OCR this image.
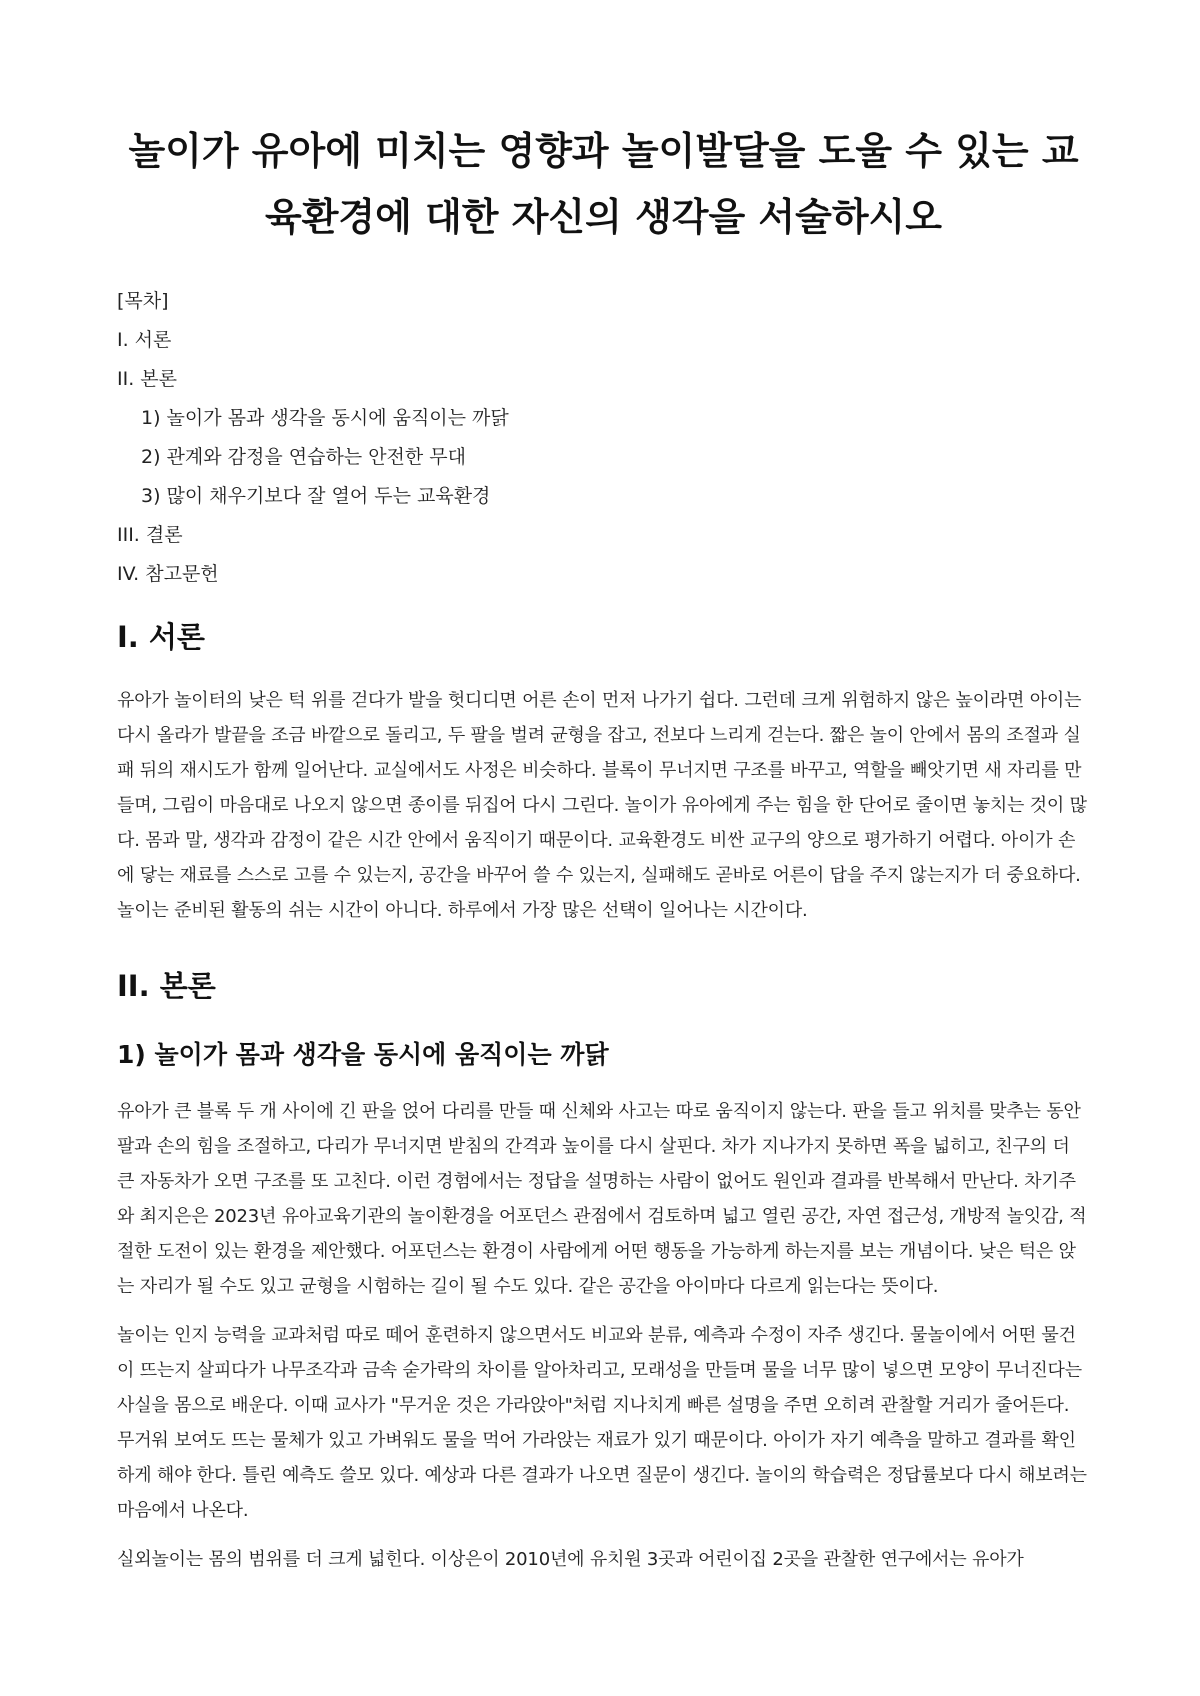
놀이가 유아에 미치는 영향과 놀이발달을 도울 수 있는 교육환경에 대한 자신의 생각을 서술하시오
[목차]
I. 서론
II. 본론
1) 놀이가 몸과 생각을 동시에 움직이는 까닭
2) 관계와 감정을 연습하는 안전한 무대
3) 많이 채우기보다 잘 열어 두는 교육환경
III. 결론
IV. 참고문헌
I. 서론

유아가 놀이터의 낮은 턱 위를 걷다가 발을 헛디디면 어른 손이 먼저 나가기 쉽다. 그런데 크게 위험하지 않은 높이라면 아이는 다시 올라가 발끝을 조금 바깥으로 돌리고, 두 팔을 벌려 균형을 잡고, 전보다 느리게 걷는다. 짧은 놀이 안에서 몸의 조절과 실패 뒤의 재시도가 함께 일어난다. 교실에서도 사정은 비슷하다. 블록이 무너지면 구조를 바꾸고, 역할을 빼앗기면 새 자리를 만들며, 그림이 마음대로 나오지 않으면 종이를 뒤집어 다시 그린다. 놀이가 유아에게 주는 힘을 한 단어로 줄이면 놓치는 것이 많다. 몸과 말, 생각과 감정이 같은 시간 안에서 움직이기 때문이다. 교육환경도 비싼 교구의 양으로 평가하기 어렵다. 아이가 손에 닿는 재료를 스스로 고를 수 있는지, 공간을 바꾸어 쓸 수 있는지, 실패해도 곧바로 어른이 답을 주지 않는지가 더 중요하다. 놀이는 준비된 활동의 쉬는 시간이 아니다. 하루에서 가장 많은 선택이 일어나는 시간이다.

II. 본론
1) 놀이가 몸과 생각을 동시에 움직이는 까닭

유아가 큰 블록 두 개 사이에 긴 판을 얹어 다리를 만들 때 신체와 사고는 따로 움직이지 않는다. 판을 들고 위치를 맞추는 동안 팔과 손의 힘을 조절하고, 다리가 무너지면 받침의 간격과 높이를 다시 살핀다. 차가 지나가지 못하면 폭을 넓히고, 친구의 더 큰 자동차가 오면 구조를 또 고친다. 이런 경험에서는 정답을 설명하는 사람이 없어도 원인과 결과를 반복해서 만난다. 차기주와 최지은은 2023년 유아교육기관의 놀이환경을 어포던스 관점에서 검토하며 넓고 열린 공간, 자연 접근성, 개방적 놀잇감, 적절한 도전이 있는 환경을 제안했다. 어포던스는 환경이 사람에게 어떤 행동을 가능하게 하는지를 보는 개념이다. 낮은 턱은 앉는 자리가 될 수도 있고 균형을 시험하는 길이 될 수도 있다. 같은 공간을 아이마다 다르게 읽는다는 뜻이다.

놀이는 인지 능력을 교과처럼 따로 떼어 훈련하지 않으면서도 비교와 분류, 예측과 수정이 자주 생긴다. 물놀이에서 어떤 물건이 뜨는지 살피다가 나무조각과 금속 숟가락의 차이를 알아차리고, 모래성을 만들며 물을 너무 많이 넣으면 모양이 무너진다는 사실을 몸으로 배운다. 이때 교사가 "무거운 것은 가라앉아"처럼 지나치게 빠른 설명을 주면 오히려 관찰할 거리가 줄어든다. 무거워 보여도 뜨는 물체가 있고 가벼워도 물을 먹어 가라앉는 재료가 있기 때문이다. 아이가 자기 예측을 말하고 결과를 확인하게 해야 한다. 틀린 예측도 쓸모 있다. 예상과 다른 결과가 나오면 질문이 생긴다. 놀이의 학습력은 정답률보다 다시 해보려는 마음에서 나온다.

실외놀이는 몸의 범위를 더 크게 넓힌다. 이상은이 2010년에 유치원 3곳과 어린이집 2곳을 관찰한 연구에서는 유아가
